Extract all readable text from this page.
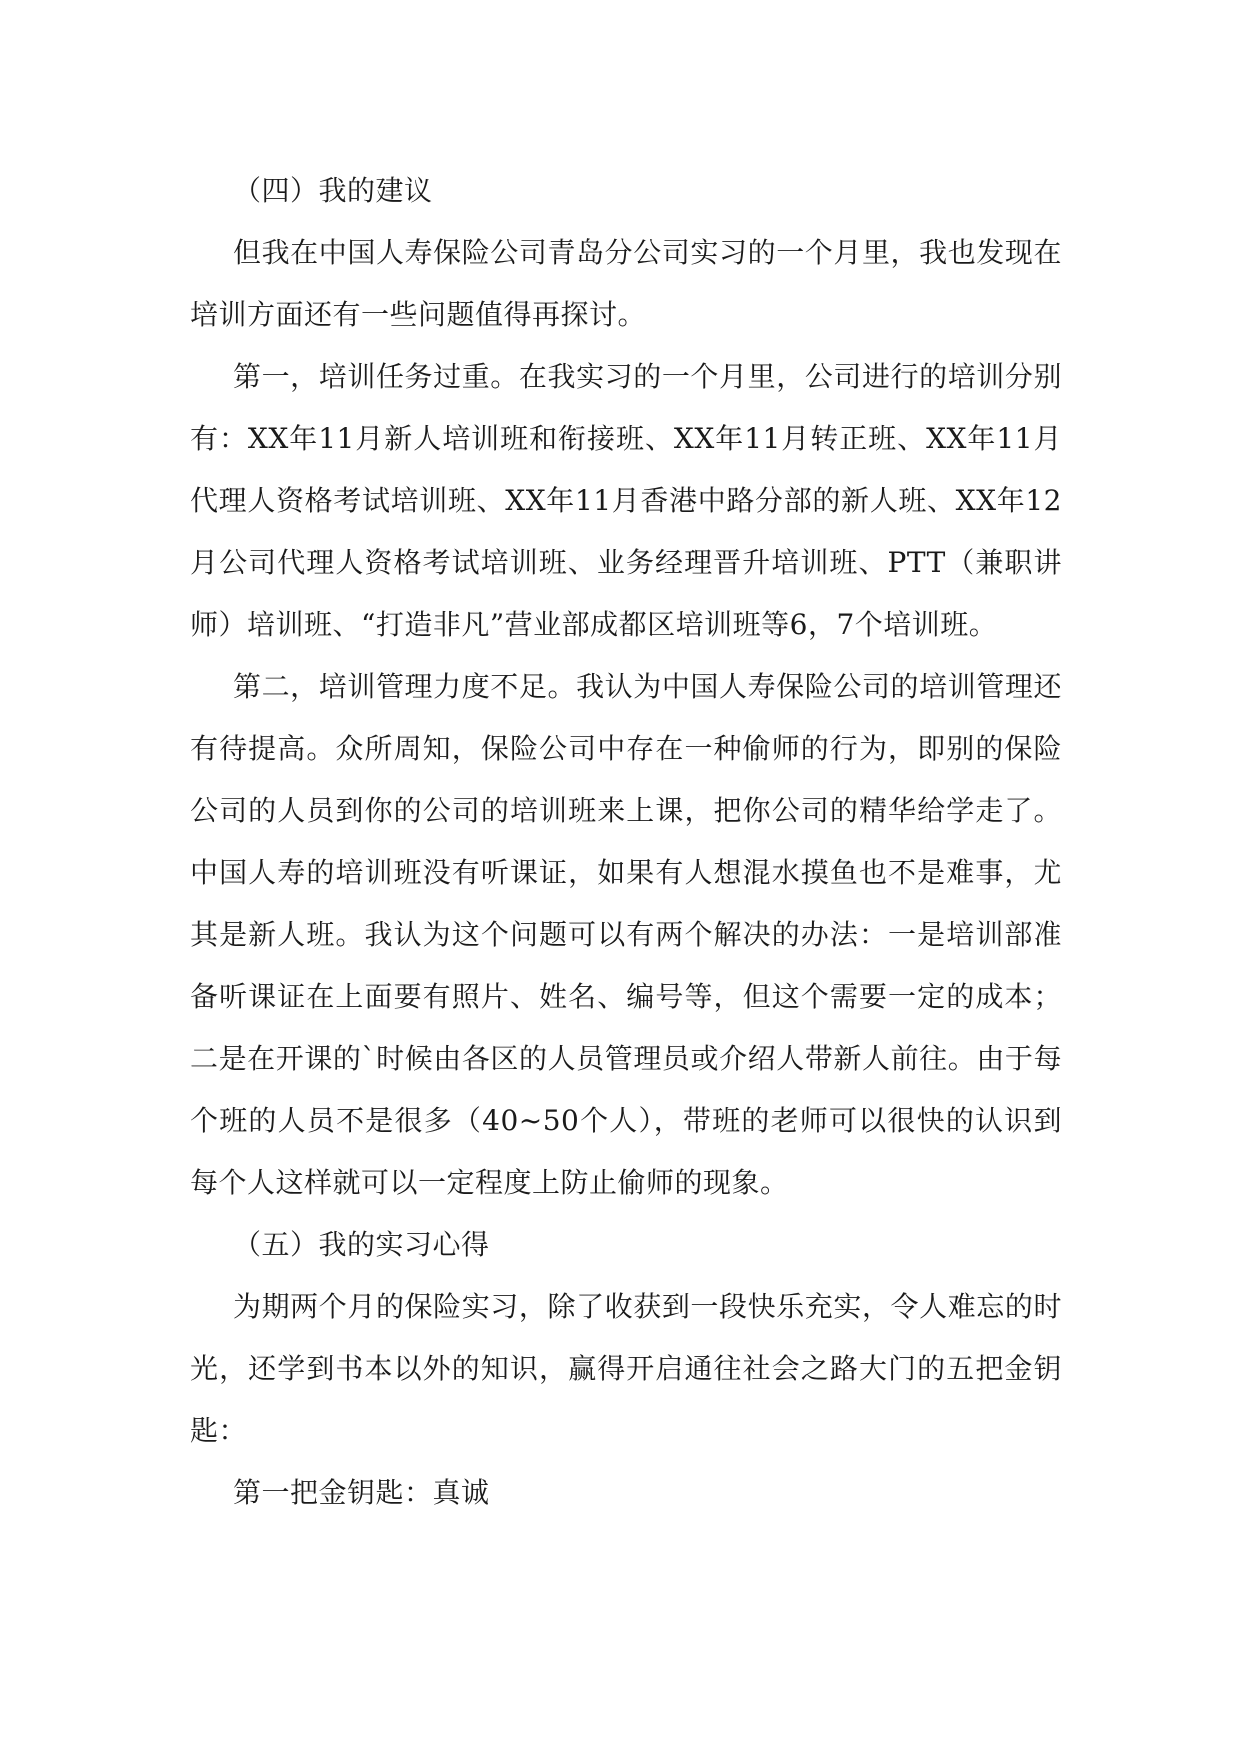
（四）我的建议

但我在中国人寿保险公司青岛分公司实习的一个月里，我也发现在培训方面还有一些问题值得再探讨。

第一，培训任务过重。在我实习的一个月里，公司进行的培训分别有：XX年11月新人培训班和衔接班、XX年11月转正班、XX年11月代理人资格考试培训班、XX年11月香港中路分部的新人班、XX年12月公司代理人资格考试培训班、业务经理晋升培训班、PTT（兼职讲师）培训班、“打造非凡”营业部成都区培训班等6，7个培训班。

第二，培训管理力度不足。我认为中国人寿保险公司的培训管理还有待提高。众所周知，保险公司中存在一种偷师的行为，即别的保险公司的人员到你的公司的培训班来上课，把你公司的精华给学走了。中国人寿的培训班没有听课证，如果有人想混水摸鱼也不是难事，尤其是新人班。我认为这个问题可以有两个解决的办法：一是培训部准备听课证在上面要有照片、姓名、编号等，但这个需要一定的成本；二是在开课的`时候由各区的人员管理员或介绍人带新人前往。由于每个班的人员不是很多（40~50个人），带班的老师可以很快的认识到每个人这样就可以一定程度上防止偷师的现象。

（五）我的实习心得

为期两个月的保险实习，除了收获到一段快乐充实，令人难忘的时光，还学到书本以外的知识，赢得开启通往社会之路大门的五把金钥匙：

第一把金钥匙：真诚
